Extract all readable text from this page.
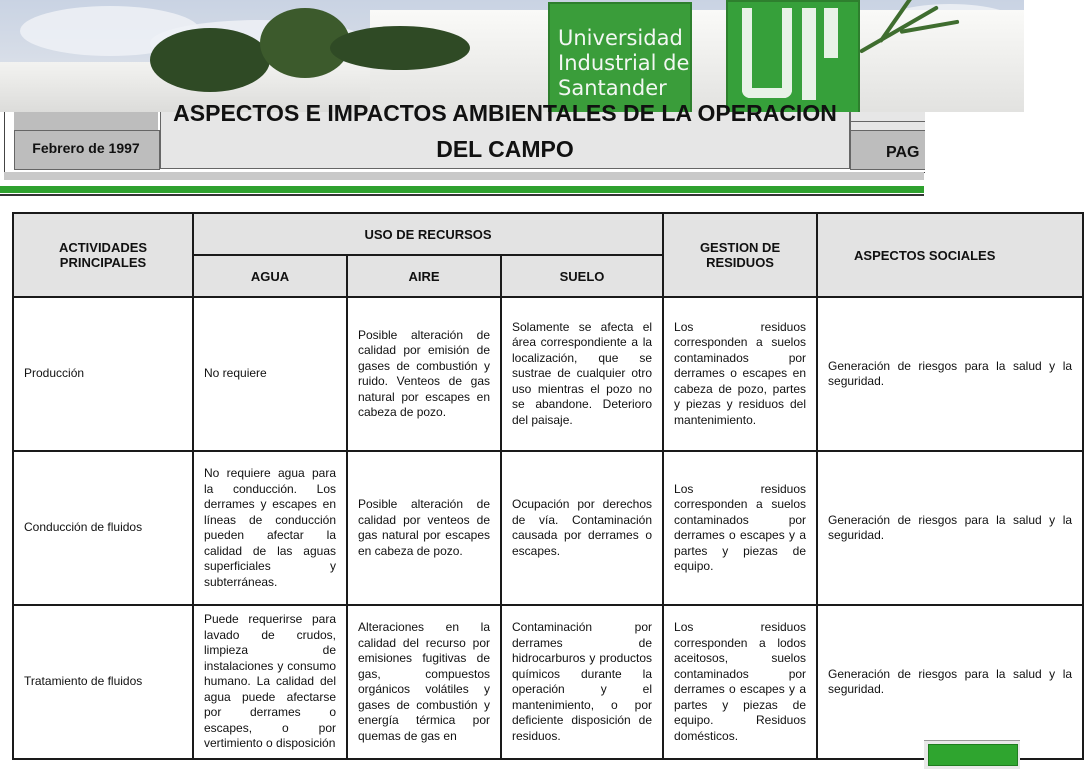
Universidad
Industrial de
Santander
Febrero de 1997
ASPECTOS E IMPACTOS AMBIENTALES DE LA OPERACION
DEL CAMPO	PAG
ACTIVIDADES PRINCIPALES	USO DE RECURSOS			GESTION DE RESIDUOS	ASPECTOS SOCIALES
	AGUA	AIRE	SUELO		
Producción	No requiere	Posible alteración de calidad por emisión de gases de combustión y ruido. Venteos de gas natural por escapes en cabeza de pozo.	Solamente se afecta el área correspondiente a la localización, que se sustrae de cualquier otro uso mientras el pozo no se abandone. Deterioro del paisaje.	Los residuos corresponden a suelos contaminados por derrames o escapes en cabeza de pozo, partes y piezas y residuos del mantenimiento.	Generación de riesgos para la salud y la seguridad.
Conducción de fluidos	No requiere agua para la conducción. Los derrames y escapes en líneas de conducción pueden afectar la calidad de las aguas superficiales y subterráneas.	Posible alteración de calidad por venteos de gas natural por escapes en cabeza de pozo.	Ocupación por derechos de vía. Contaminación causada por derrames o escapes.	Los residuos corresponden a suelos contaminados por derrames o escapes y a partes y piezas de equipo.	Generación de riesgos para la salud y la seguridad.
Tratamiento de fluidos	Puede requerirse para lavado de crudos, limpieza de instalaciones y consumo humano. La calidad del agua puede afectarse por derrames o escapes, o por vertimiento o disposición	Alteraciones en la calidad del recurso por emisiones fugitivas de gas, compuestos orgánicos volátiles y gases de combustión y energía térmica por quemas de gas en	Contaminación por derrames de hidrocarburos y productos químicos durante la operación y el mantenimiento, o por deficiente disposición de residuos.	Los residuos corresponden a lodos aceitosos, suelos contaminados por derrames o escapes y a partes y piezas de equipo. Residuos domésticos.	Generación de riesgos para la salud y la seguridad.
